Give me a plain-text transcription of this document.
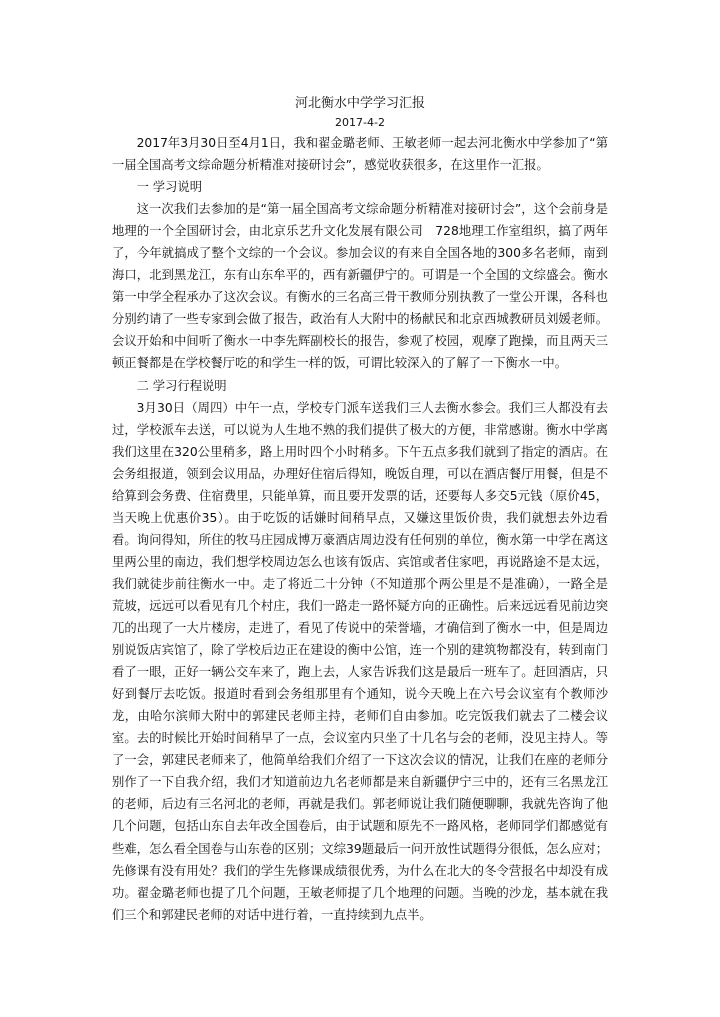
河北衡水中学学习汇报

2017-4-2

2017年3月30日至4月1日，我和翟金璐老师、王敏老师一起去河北衡水中学参加了“第一届全国高考文综命题分析精准对接研讨会”，感觉收获很多，在这里作一汇报。

一 学习说明

这一次我们去参加的是“第一届全国高考文综命题分析精准对接研讨会”，这个会前身是地理的一个全国研讨会，由北京乐艺升文化发展有限公司　728地理工作室组织，搞了两年了，今年就搞成了整个文综的一个会议。参加会议的有来自全国各地的300多名老师，南到海口，北到黑龙江，东有山东牟平的，西有新疆伊宁的。可谓是一个全国的文综盛会。衡水第一中学全程承办了这次会议。有衡水的三名高三骨干教师分别执教了一堂公开课，各科也分别约请了一些专家到会做了报告，政治有人大附中的杨献民和北京西城教研员刘媛老师。会议开始和中间听了衡水一中李先辉副校长的报告，参观了校园，观摩了跑操，而且两天三顿正餐都是在学校餐厅吃的和学生一样的饭，可谓比较深入的了解了一下衡水一中。

二 学习行程说明

3月30日（周四）中午一点，学校专门派车送我们三人去衡水参会。我们三人都没有去过，学校派车去送，可以说为人生地不熟的我们提供了极大的方便，非常感谢。衡水中学离我们这里在320公里稍多，路上用时四个小时稍多。下午五点多我们就到了指定的酒店。在会务组报道，领到会议用品，办理好住宿后得知，晚饭自理，可以在酒店餐厅用餐，但是不给算到会务费、住宿费里，只能单算，而且要开发票的话，还要每人多交5元钱（原价45，当天晚上优惠价35）。由于吃饭的话嫌时间稍早点，又嫌这里饭价贵，我们就想去外边看看。询问得知，所住的牧马庄园成博万豪酒店周边没有任何别的单位，衡水第一中学在离这里两公里的南边，我们想学校周边怎么也该有饭店、宾馆或者住家吧，再说路途不是太远，我们就徒步前往衡水一中。走了将近二十分钟（不知道那个两公里是不是准确），一路全是荒坡，远远可以看见有几个村庄，我们一路走一路怀疑方向的正确性。后来远远看见前边突兀的出现了一大片楼房，走进了，看见了传说中的荣誉墙，才确信到了衡水一中，但是周边别说饭店宾馆了，除了学校后边正在建设的衡中公馆，连一个别的建筑物都没有，转到南门看了一眼，正好一辆公交车来了，跑上去，人家告诉我们这是最后一班车了。赶回酒店，只好到餐厅去吃饭。报道时看到会务组那里有个通知，说今天晚上在六号会议室有个教师沙龙，由哈尔滨师大附中的郭建民老师主持，老师们自由参加。吃完饭我们就去了二楼会议室。去的时候比开始时间稍早了一点，会议室内只坐了十几名与会的老师，没见主持人。等了一会，郭建民老师来了，他简单给我们介绍了一下这次会议的情况，让我们在座的老师分别作了一下自我介绍，我们才知道前边九名老师都是来自新疆伊宁三中的，还有三名黑龙江的老师，后边有三名河北的老师，再就是我们。郭老师说让我们随便聊聊，我就先咨询了他几个问题，包括山东自去年改全国卷后，由于试题和原先不一路风格，老师同学们都感觉有些难，怎么看全国卷与山东卷的区别；文综39题最后一问开放性试题得分很低，怎么应对；先修课有没有用处？我们的学生先修课成绩很优秀，为什么在北大的冬令营报名中却没有成功。翟金璐老师也提了几个问题，王敏老师提了几个地理的问题。当晚的沙龙，基本就在我们三个和郭建民老师的对话中进行着，一直持续到九点半。
